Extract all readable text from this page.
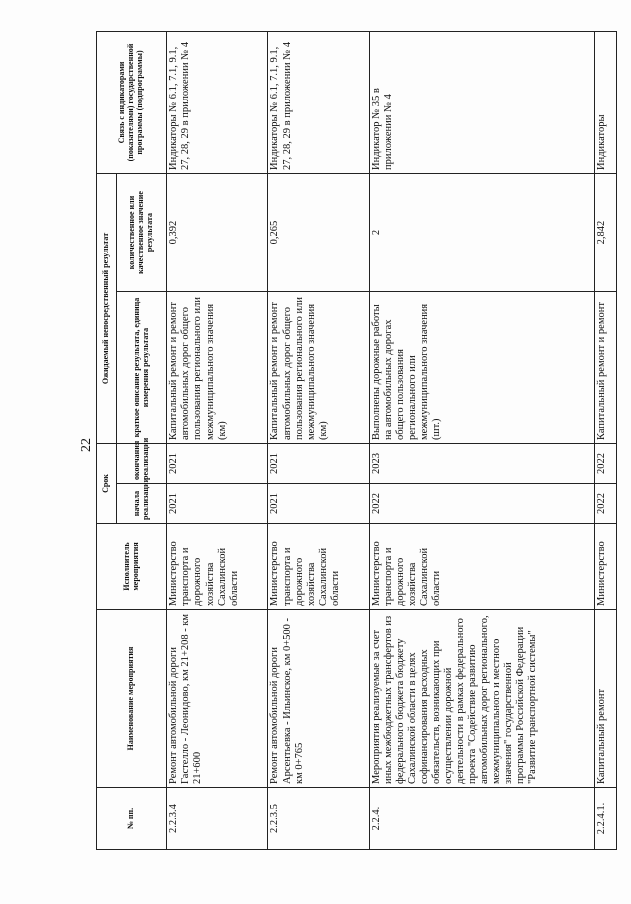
22
№ пп.	Наименование мероприятия	Исполнитель мероприятия	Срок		Ожидаемый непосредственный результат		Связь с индикаторами (показателями) государственной программы (подпрограммы)
			начала реализации	окончания реализации	краткое описание результата, единица измерения результата	количественное или качественное значение результата	
2.2.3.4	Ремонт автомобильной дороги Гастелло - Леонидово, км 21+208 - км 21+600	Министерство транспорта и дорожного хозяйства Сахалинской области	2021	2021	Капитальный ремонт и ремонт автомобильных дорог общего пользования регионального или межмуниципального значения (км)	0,392	Индикаторы № 6.1, 7.1, 9.1, 27, 28, 29 в приложении № 4
2.2.3.5	Ремонт автомобильной дороги Арсентьевка - Ильинское, км 0+500 - км 0+765	Министерство транспорта и дорожного хозяйства Сахалинской области	2021	2021	Капитальный ремонт и ремонт автомобильных дорог общего пользования регионального или межмуниципального значения (км)	0,265	Индикаторы № 6.1, 7.1, 9.1, 27, 28, 29 в приложении № 4
2.2.4.	Мероприятия реализуемые за счет иных межбюджетных трансфертов из федерального бюджета бюджету Сахалинской области в целях софинансирования расходных обязательств, возникающих при осуществлении дорожной деятельности в рамках федерального проекта "Содействие развитию автомобильных дорог регионального, межмуниципального и местного значения" государственной программы Российской Федерации "Развитие транспортной системы"	Министерство транспорта и дорожного хозяйства Сахалинской области	2022	2023	Выполнены дорожные работы на автомобильных дорогах общего пользования регионального или межмуниципального значения (шт.)	2	Индикатор № 35 в приложении № 4
2.2.4.1.	Капитальный ремонт	Министерство	2022	2022	Капитальный ремонт и ремонт	2,842	Индикаторы
